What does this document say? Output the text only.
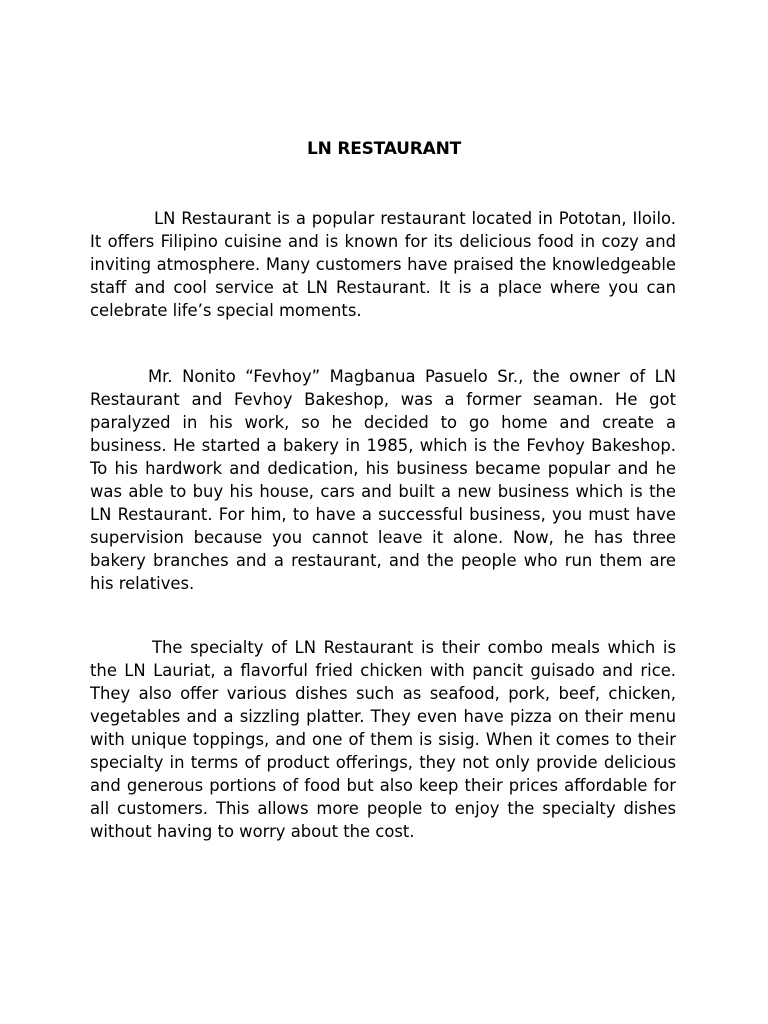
LN RESTAURANT

LN Restaurant is a popular restaurant located in Pototan, Iloilo. It offers Filipino cuisine and is known for its delicious food in cozy and inviting atmosphere. Many customers have praised the knowledgeable staff and cool service at LN Restaurant. It is a place where you can celebrate life’s special moments.

Mr. Nonito “Fevhoy” Magbanua Pasuelo Sr., the owner of LN Restaurant and Fevhoy Bakeshop, was a former seaman. He got paralyzed in his work, so he decided to go home and create a business. He started a bakery in 1985, which is the Fevhoy Bakeshop. To his hardwork and dedication, his business became popular and he was able to buy his house, cars and built a new business which is the LN Restaurant. For him, to have a successful business, you must have supervision because you cannot leave it alone. Now, he has three bakery branches and a restaurant, and the people who run them are his relatives.

The specialty of LN Restaurant is their combo meals which is the LN Lauriat, a flavorful fried chicken with pancit guisado and rice. They also offer various dishes such as seafood, pork, beef, chicken, vegetables and a sizzling platter. They even have pizza on their menu with unique toppings, and one of them is sisig. When it comes to their specialty in terms of product offerings, they not only provide delicious and generous portions of food but also keep their prices affordable for all customers. This allows more people to enjoy the specialty dishes without having to worry about the cost.
